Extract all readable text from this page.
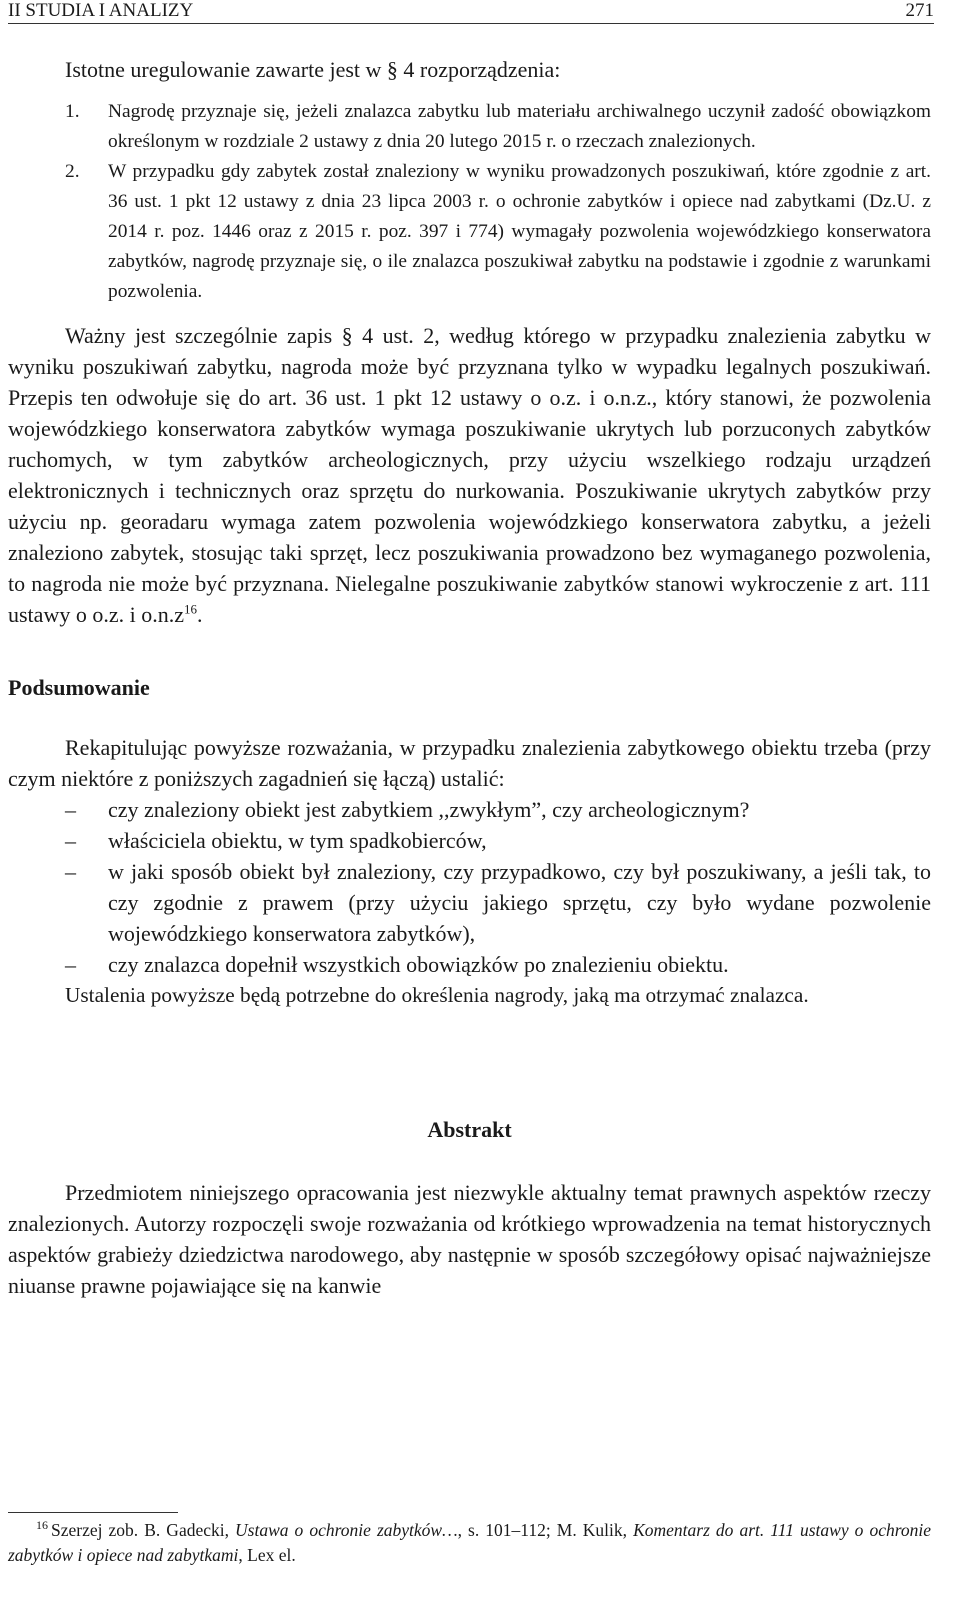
II STUDIA I ANALIZY	271

Istotne uregulowanie zawarte jest w § 4 rozporządzenia:

1.	Nagrodę przyznaje się, jeżeli znalazca zabytku lub materiału archiwalnego uczynił zadość obowiązkom określonym w rozdziale 2 ustawy z dnia 20 lutego 2015 r. o rzeczach znalezionych.
2.	W przypadku gdy zabytek został znaleziony w wyniku prowadzonych poszukiwań, które zgodnie z art. 36 ust. 1 pkt 12 ustawy z dnia 23 lipca 2003 r. o ochronie zabytków i opiece nad zabytkami (Dz.U. z 2014 r. poz. 1446 oraz z 2015 r. poz. 397 i 774) wymagały pozwolenia wojewódzkiego konserwatora zabytków, nagrodę przyznaje się, o ile znalazca poszukiwał zabytku na podstawie i zgodnie z warunkami pozwolenia.

Ważny jest szczególnie zapis § 4 ust. 2, według którego w przypadku znalezienia zabytku w wyniku poszukiwań zabytku, nagroda może być przyznana tylko w wypadku legalnych poszukiwań. Przepis ten odwołuje się do art. 36 ust. 1 pkt 12 ustawy o o.z. i o.n.z., który stanowi, że pozwolenia wojewódzkiego konserwatora zabytków wymaga poszukiwanie ukrytych lub porzuconych zabytków ruchomych, w tym zabytków archeologicznych, przy użyciu wszelkiego rodzaju urządzeń elektronicznych i technicznych oraz sprzętu do nurkowania. Poszukiwanie ukrytych zabytków przy użyciu np. georadaru wymaga zatem pozwolenia wojewódzkiego konserwatora zabytku, a jeżeli znaleziono zabytek, stosując taki sprzęt, lecz poszukiwania prowadzono bez wymaganego pozwolenia, to nagroda nie może być przyznana. Nielegalne poszukiwanie zabytków stanowi wykroczenie z art. 111 ustawy o o.z. i $o.n.z^{16}$.

Podsumowanie

Rekapitulując powyższe rozważania, w przypadku znalezienia zabytkowego obiektu trzeba (przy czym niektóre z poniższych zagadnień się łączą) ustalić:

–	czy znaleziony obiekt jest zabytkiem ,,zwykłym”, czy archeologicznym?
–	właściciela obiektu, w tym spadkobierców,
–	w jaki sposób obiekt był znaleziony, czy przypadkowo, czy był poszukiwany, a jeśli tak, to czy zgodnie z prawem (przy użyciu jakiego sprzętu, czy było wydane pozwolenie wojewódzkiego konserwatora zabytków),
–	czy znalazca dopełnił wszystkich obowiązków po znalezieniu obiektu.

Ustalenia powyższe będą potrzebne do określenia nagrody, jaką ma otrzymać znalazca.

Abstrakt

Przedmiotem niniejszego opracowania jest niezwykle aktualny temat prawnych aspektów rzeczy znalezionych. Autorzy rozpoczęli swoje rozważania od krótkiego wprowadzenia na temat historycznych aspektów grabieży dziedzictwa narodowego, aby następnie w sposób szczegółowy opisać najważniejsze niuanse prawne pojawiające się na kanwie

$^{16}$ Szerzej zob. B. Gadecki, Ustawa o ochronie zabytków…, s. 101–112; M. Kulik, Komentarz do art. 111 ustawy o ochronie zabytków i opiece nad zabytkami, Lex el.
